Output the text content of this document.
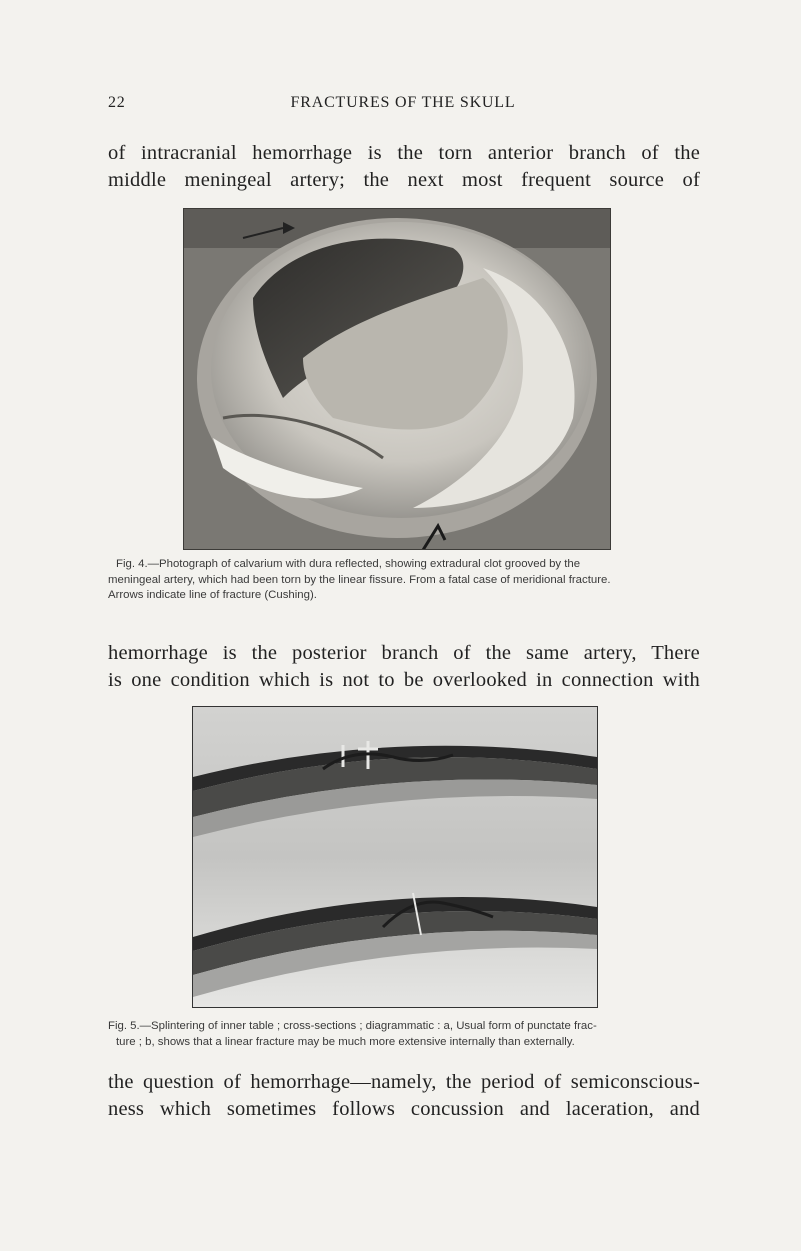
22	FRACTURES OF THE SKULL
of intracranial hemorrhage is the torn anterior branch of the
middle meningeal artery; the next most frequent source of
Fig. 4.—Photograph of calvarium with dura reflected, showing extradural clot grooved by the
meningeal artery, which had been torn by the linear fissure. From a fatal case of meridional fracture.
Arrows indicate line of fracture (Cushing).
hemorrhage is the posterior branch of the same artery, There
is one condition which is not to be overlooked in connection with
Fig. 5.—Splintering of inner table ; cross-sections ; diagrammatic : a, Usual form of punctate frac-
ture ; b, shows that a linear fracture may be much more extensive internally than externally.
the question of hemorrhage—namely, the period of semiconscious-
ness which sometimes follows concussion and laceration, and
